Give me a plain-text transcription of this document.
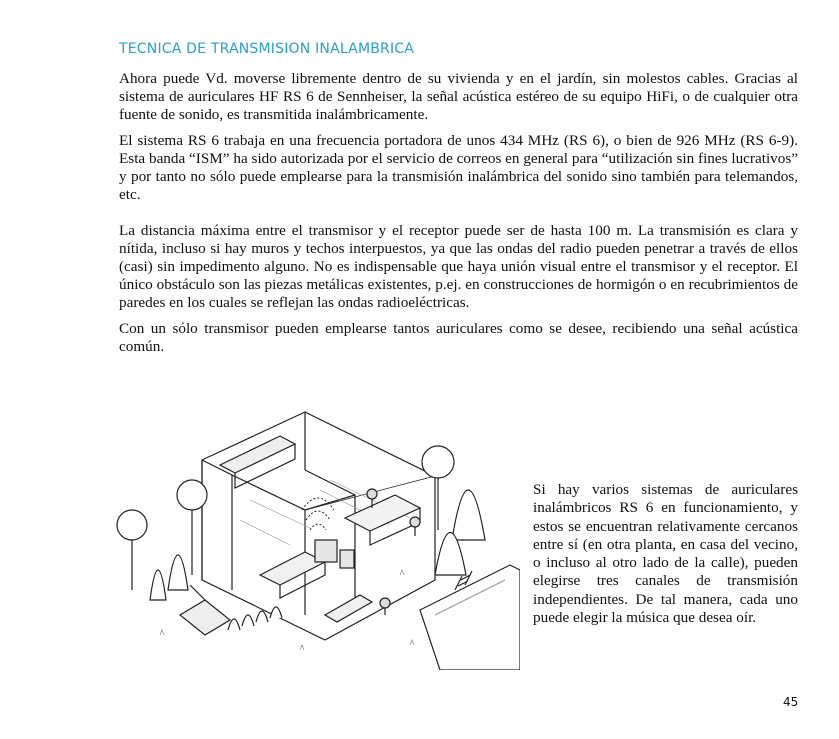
TECNICA DE TRANSMISION INALAMBRICA

Ahora puede Vd. moverse libremente dentro de su vivienda y en el jardín, sin molestos cables. Gracias al sistema de auriculares HF RS 6 de Sennheiser, la señal acústica estéreo de su equipo HiFi, o de cualquier otra fuente de sonido, es transmitida inalámbricamente.

El sistema RS 6 trabaja en una frecuencia portadora de unos 434 MHz (RS 6), o bien de 926 MHz (RS 6-9). Esta banda “ISM” ha sido autorizada por el servicio de correos en general para “utilización sin fines lucrativos” y por tanto no sólo puede emplearse para la transmisión inalámbrica del sonido sino también para telemandos, etc.

La distancia máxima entre el transmisor y el receptor puede ser de hasta 100 m. La transmisión es clara y nítida, incluso si hay muros y techos interpuestos, ya que las ondas del radio pueden penetrar a través de ellos (casi) sin impedimento alguno. No es indispensable que haya unión visual entre el transmisor y el receptor. El único obstáculo son las piezas metálicas existentes, p.ej. en construcciones de hormigón o en recubrimientos de paredes en los cuales se reflejan las ondas radioeléctricas.

Con un sólo transmisor pueden emplearse tantos auriculares como se desee, recibiendo una señal acústica común.

Si hay varios sistemas de auriculares inalámbricos RS 6 en funcionamiento, y estos se encuentran relativamente cercanos entre sí (en otra planta, en casa del vecino, o incluso al otro lado de la calle), pueden elegirse tres canales de transmisión independientes. De tal manera, cada uno puede elegir la música que desea oír.

45
